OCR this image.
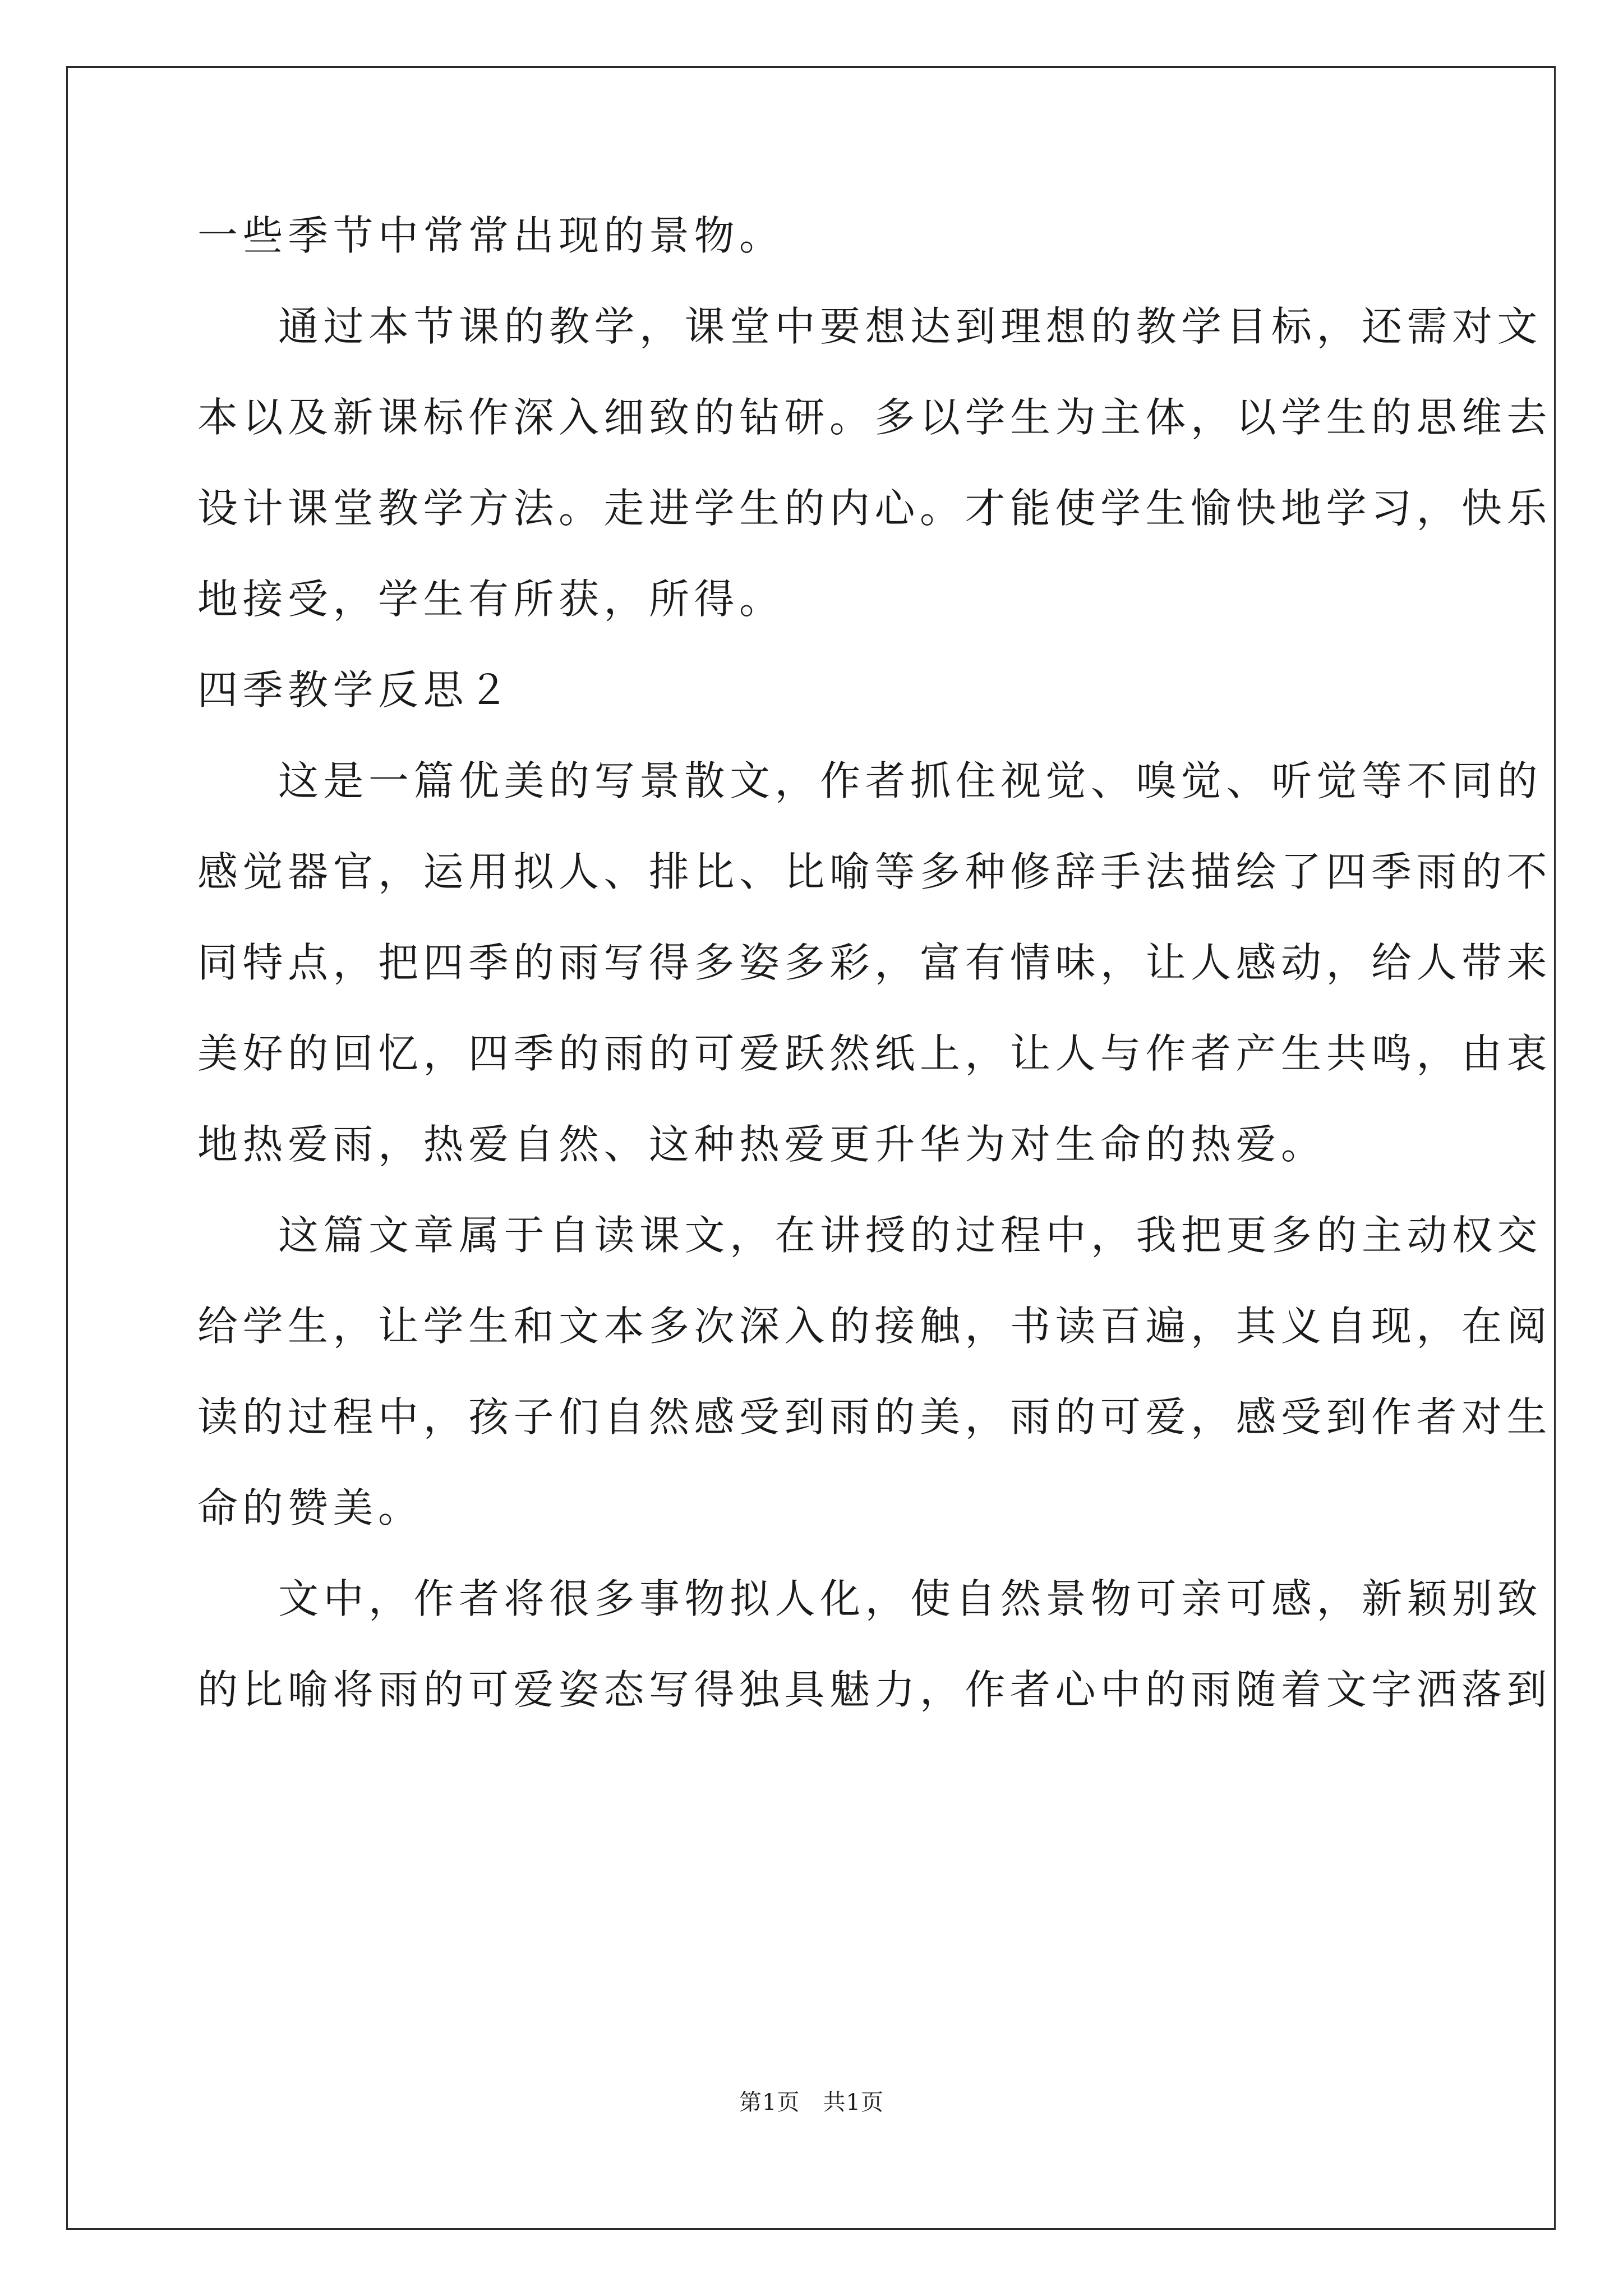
一些季节中常常出现的景物。
通过本节课的教学，课堂中要想达到理想的教学目标，还需对文
本以及新课标作深入细致的钻研。多以学生为主体，以学生的思维去
设计课堂教学方法。走进学生的内心。才能使学生愉快地学习，快乐
地接受，学生有所获，所得。
四季教学反思２
这是一篇优美的写景散文，作者抓住视觉、嗅觉、听觉等不同的
感觉器官，运用拟人、排比、比喻等多种修辞手法描绘了四季雨的不
同特点，把四季的雨写得多姿多彩，富有情味，让人感动，给人带来
美好的回忆，四季的雨的可爱跃然纸上，让人与作者产生共鸣，由衷
地热爱雨，热爱自然、这种热爱更升华为对生命的热爱。
这篇文章属于自读课文，在讲授的过程中，我把更多的主动权交
给学生，让学生和文本多次深入的接触，书读百遍，其义自现，在阅
读的过程中，孩子们自然感受到雨的美，雨的可爱，感受到作者对生
命的赞美。
文中，作者将很多事物拟人化，使自然景物可亲可感，新颖别致
的比喻将雨的可爱姿态写得独具魅力，作者心中的雨随着文字洒落到
第1页　共1页
